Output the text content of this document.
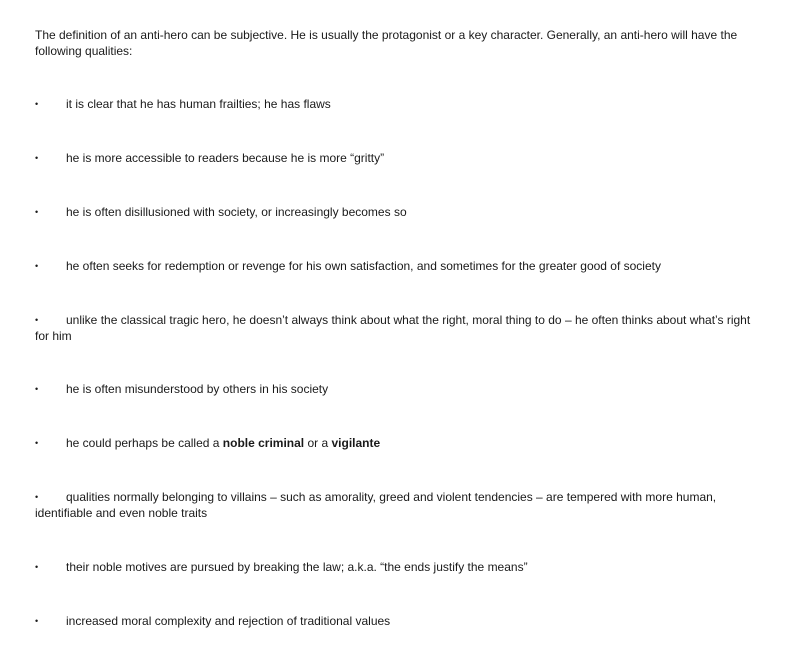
The definition of an anti-hero can be subjective. He is usually the protagonist or a key character. Generally, an anti-hero will have the following qualities:

• it is clear that he has human frailties; he has flaws
• he is more accessible to readers because he is more “gritty”
• he is often disillusioned with society, or increasingly becomes so
• he often seeks for redemption or revenge for his own satisfaction, and sometimes for the greater good of society
• unlike the classical tragic hero, he doesn’t always think about what the right, moral thing to do – he often thinks about what’s right for him
• he is often misunderstood by others in his society
• he could perhaps be called a noble criminal or a vigilante
• qualities normally belonging to villains – such as amorality, greed and violent tendencies – are tempered with more human, identifiable and even noble traits
• their noble motives are pursued by breaking the law; a.k.a. “the ends justify the means”
• increased moral complexity and rejection of traditional values
